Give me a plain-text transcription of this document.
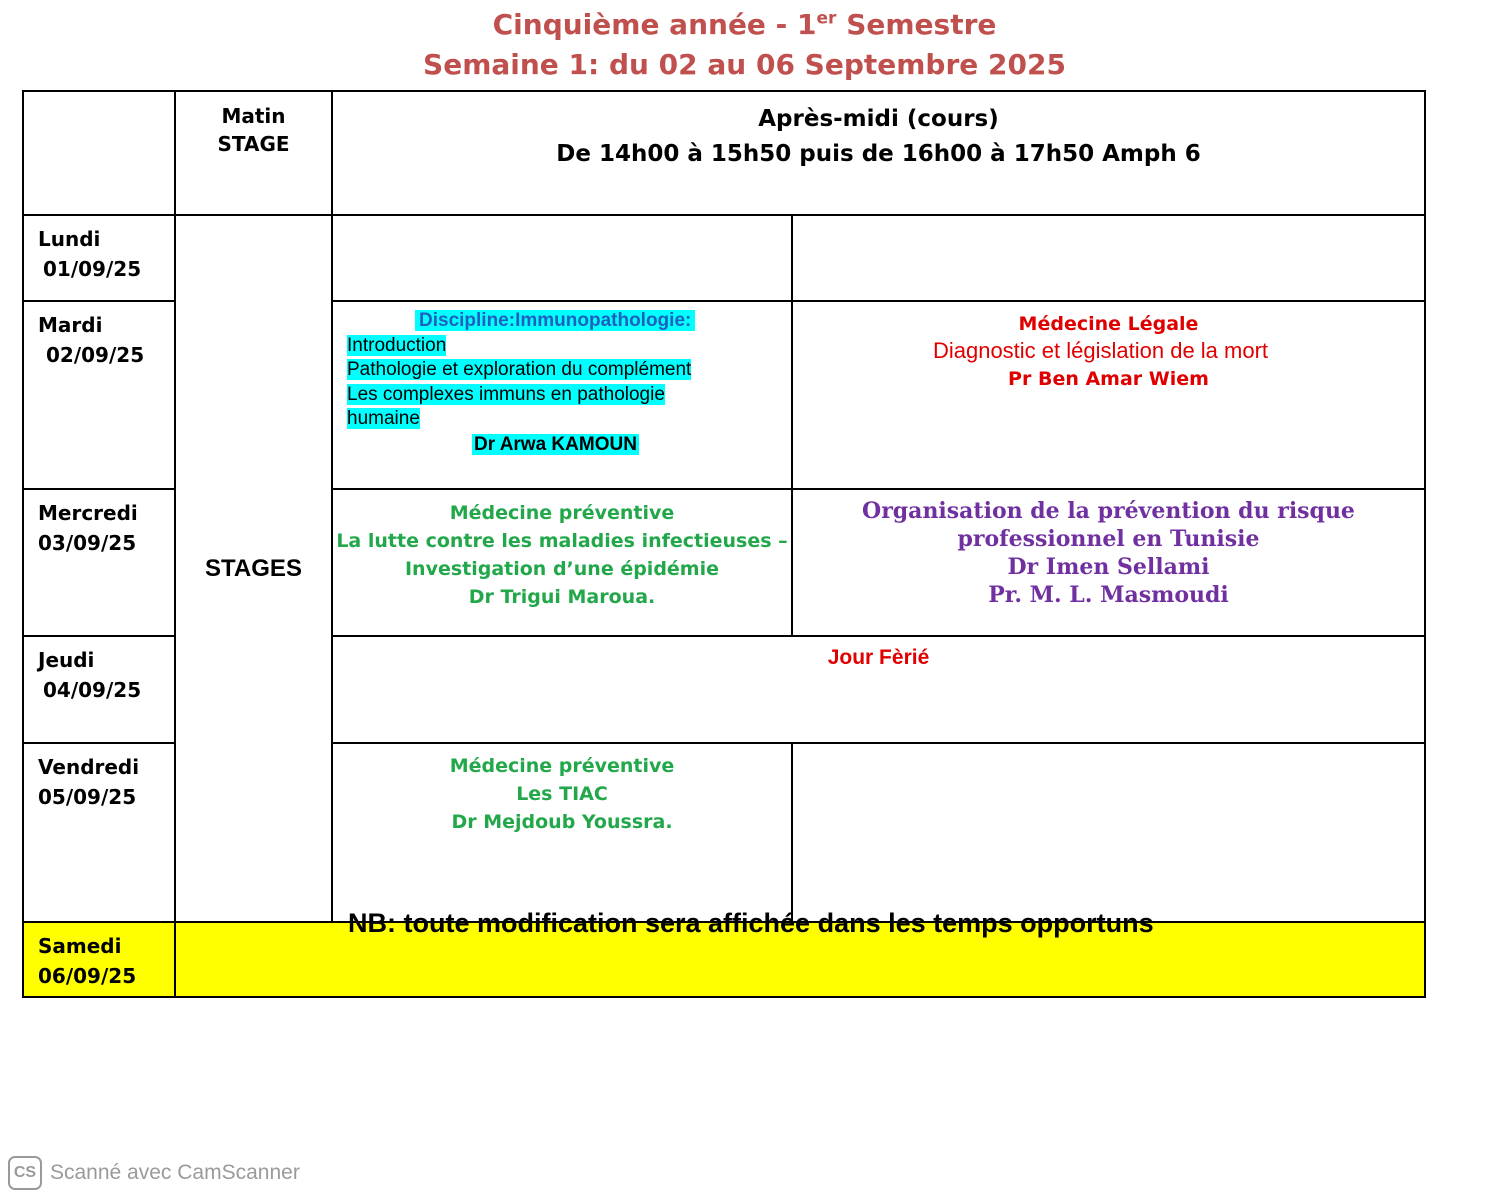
Cinquième année - 1er Semestre
Semaine 1: du 02 au 06 Septembre 2025
Matin
STAGE
Après-midi (cours)
De 14h00 à 15h50 puis de 16h00 à 17h50 Amph 6
Lundi
01/09/25
Mardi
02/09/25
Mercredi
03/09/25
Jeudi
04/09/25
Vendredi
05/09/25
Samedi
06/09/25
STAGES
Discipline:Immunopathologie:
Introduction
Pathologie et exploration du complément
Les complexes immuns en pathologie
humaine
Dr Arwa KAMOUN
Médecine Légale
Diagnostic et législation de la mort
Pr Ben Amar Wiem
Médecine préventive
La lutte contre les maladies infectieuses –
Investigation d’une épidémie
Dr Trigui Maroua.
Organisation de la prévention du risque
professionnel en Tunisie
Dr Imen Sellami
Pr. M. L. Masmoudi
Jour Fèrié
Médecine préventive
Les TIAC
Dr Mejdoub Youssra.
NB: toute modification sera affichée dans les temps opportuns
CS Scanné avec CamScanner
